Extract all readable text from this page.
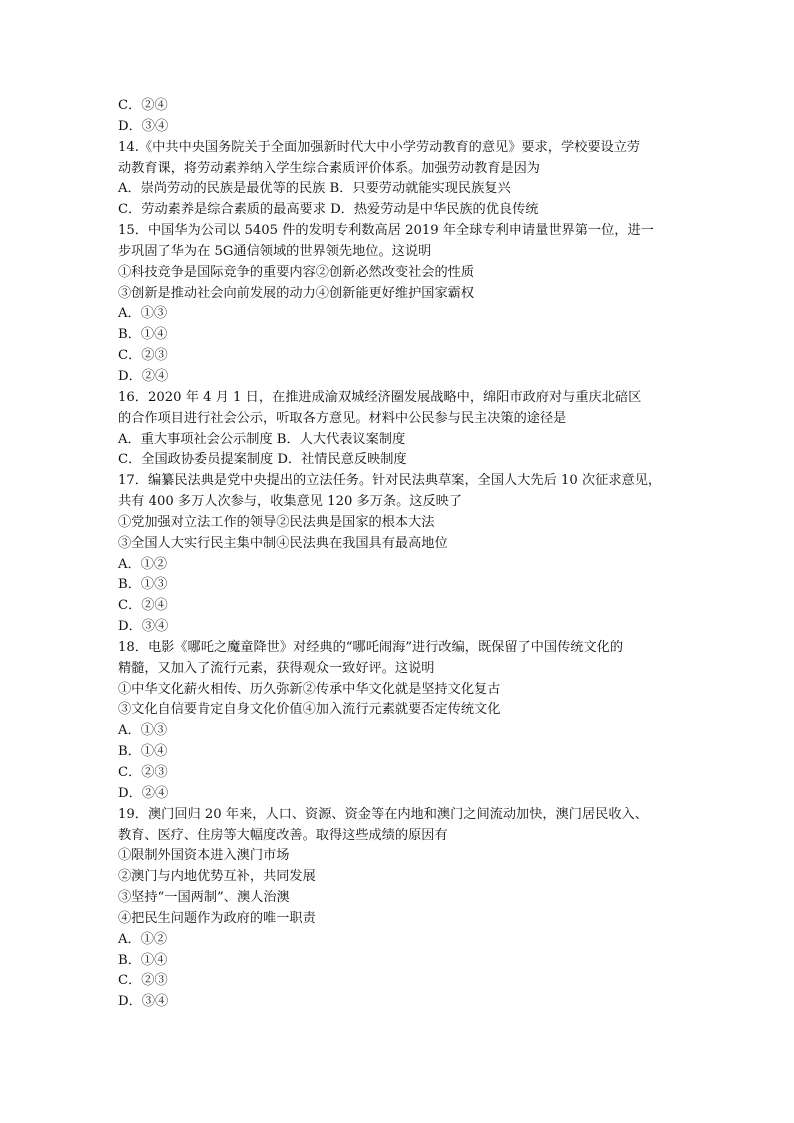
C．②④
D．③④
14.《中共中央国务院关于全面加强新时代大中小学劳动教育的意见》要求，学校要设立劳
动教育课，将劳动素养纳入学生综合素质评价体系。加强劳动教育是因为
A．崇尚劳动的民族是最优等的民族 B．只要劳动就能实现民族复兴
C．劳动素养是综合素质的最高要求 D．热爱劳动是中华民族的优良传统
15．中国华为公司以 5405 件的发明专利数高居 2019 年全球专利申请量世界第一位，进一
步巩固了华为在 5G通信领域的世界领先地位。这说明
①科技竞争是国际竞争的重要内容②创新必然改变社会的性质
③创新是推动社会向前发展的动力④创新能更好维护国家霸权
A．①③
B．①④
C．②③
D．②④
16．2020 年 4 月 1 日，在推进成渝双城经济圈发展战略中，绵阳市政府对与重庆北碚区
的合作项目进行社会公示，听取各方意见。材料中公民参与民主决策的途径是
A．重大事项社会公示制度 B．人大代表议案制度
C．全国政协委员提案制度 D．社情民意反映制度
17．编纂民法典是党中央提出的立法任务。针对民法典草案，全国人大先后 10 次征求意见，
共有 400 多万人次参与，收集意见 120 多万条。这反映了
①党加强对立法工作的领导②民法典是国家的根本大法
③全国人大实行民主集中制④民法典在我国具有最高地位
A．①②
B．①③
C．②④
D．③④
18．电影《哪吒之魔童降世》对经典的“哪吒闹海”进行改编，既保留了中国传统文化的
精髓，又加入了流行元素，获得观众一致好评。这说明
①中华文化薪火相传、历久弥新②传承中华文化就是坚持文化复古
③文化自信要肯定自身文化价值④加入流行元素就要否定传统文化
A．①③
B．①④
C．②③
D．②④
19．澳门回归 20 年来，人口、资源、资金等在内地和澳门之间流动加快，澳门居民收入、
教育、医疗、住房等大幅度改善。取得这些成绩的原因有
①限制外国资本进入澳门市场
②澳门与内地优势互补，共同发展
③坚持“一国两制”、澳人治澳
④把民生问题作为政府的唯一职责
A．①②
B．①④
C．②③
D．③④
